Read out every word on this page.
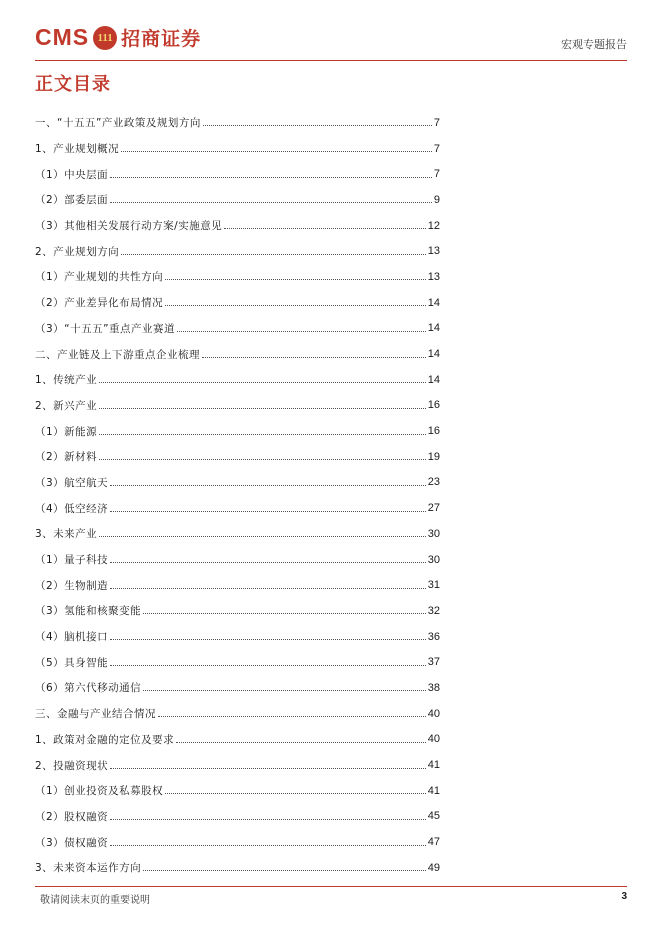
CMS 111 招商证券	宏观专题报告
正文目录
一、“十五五”产业政策及规划方向	7
1、产业规划概况	7
（1）中央层面	7
（2）部委层面	9
（3）其他相关发展行动方案/实施意见	12
2、产业规划方向	13
（1）产业规划的共性方向	13
（2）产业差异化布局情况	14
（3）“十五五”重点产业赛道	14
二、产业链及上下游重点企业梳理	14
1、传统产业	14
2、新兴产业	16
（1）新能源	16
（2）新材料	19
（3）航空航天	23
（4）低空经济	27
3、未来产业	30
（1）量子科技	30
（2）生物制造	31
（3）氢能和核聚变能	32
（4）脑机接口	36
（5）具身智能	37
（6）第六代移动通信	38
三、金融与产业结合情况	40
1、政策对金融的定位及要求	40
2、投融资现状	41
（1）创业投资及私募股权	41
（2）股权融资	45
（3）债权融资	47
3、未来资本运作方向	49
敬请阅读末页的重要说明	3
